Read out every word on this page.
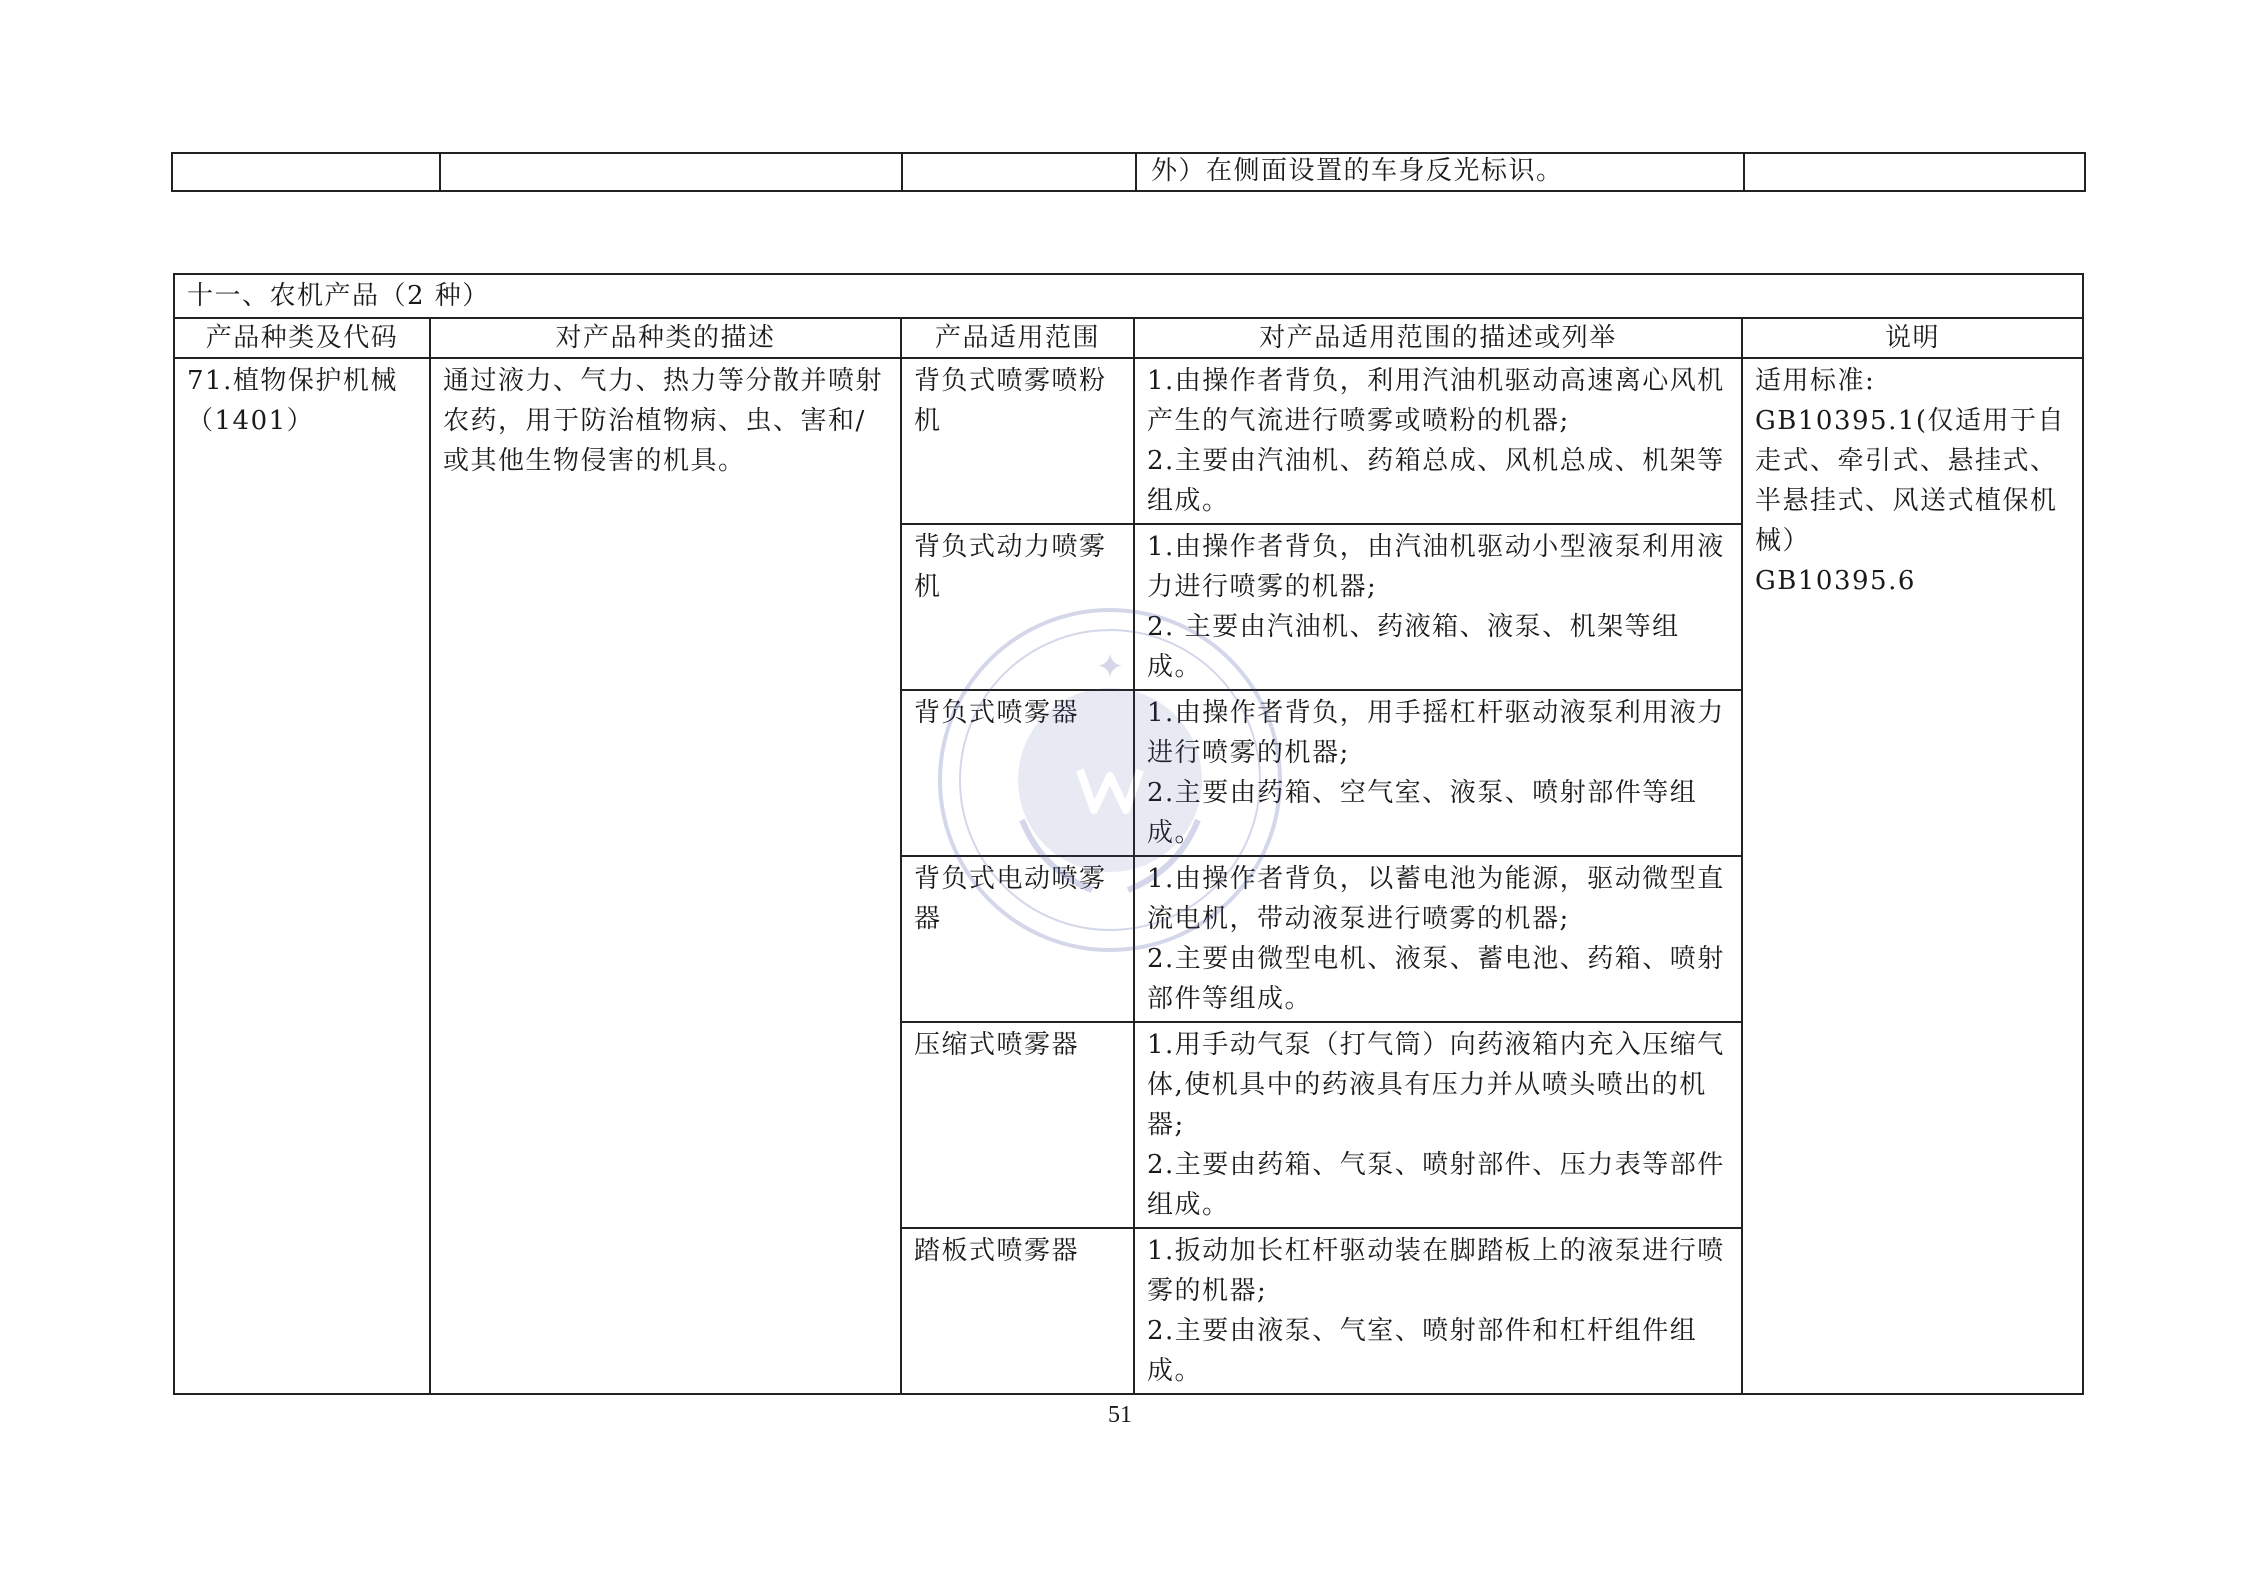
			外）在侧面设置的车身反光标识。	
十一、农机产品（2 种）				
产品种类及代码	对产品种类的描述	产品适用范围	对产品适用范围的描述或列举	说明
71.植物保护机械（1401）	通过液力、气力、热力等分散并喷射农药，用于防治植物病、虫、害和/或其他生物侵害的机具。	背负式喷雾喷粉机	1.由操作者背负，利用汽油机驱动高速离心风机产生的气流进行喷雾或喷粉的机器;
2.主要由汽油机、药箱总成、风机总成、机架等组成。	适用标准:
GB10395.1(仅适用于自走式、牵引式、悬挂式、半悬挂式、风送式植保机械）
GB10395.6

		背负式动力喷雾机	1.由操作者背负，由汽油机驱动小型液泵利用液力进行喷雾的机器;
2. 主要由汽油机、药液箱、液泵、机架等组成。	

		背负式喷雾器	1.由操作者背负，用手摇杠杆驱动液泵利用液力进行喷雾的机器;
2.主要由药箱、空气室、液泵、喷射部件等组成。	

		背负式电动喷雾器	1.由操作者背负，以蓄电池为能源，驱动微型直流电机，带动液泵进行喷雾的机器;
2.主要由微型电机、液泵、蓄电池、药箱、喷射部件等组成。	

		压缩式喷雾器	1.用手动气泵（打气筒）向药液箱内充入压缩气体,使机具中的药液具有压力并从喷头喷出的机器;
2.主要由药箱、气泵、喷射部件、压力表等部件组成。	

		踏板式喷雾器	1.扳动加长杠杆驱动装在脚踏板上的液泵进行喷雾的机器;
2.主要由液泵、气室、喷射部件和杠杆组件组成。	
✦
51
